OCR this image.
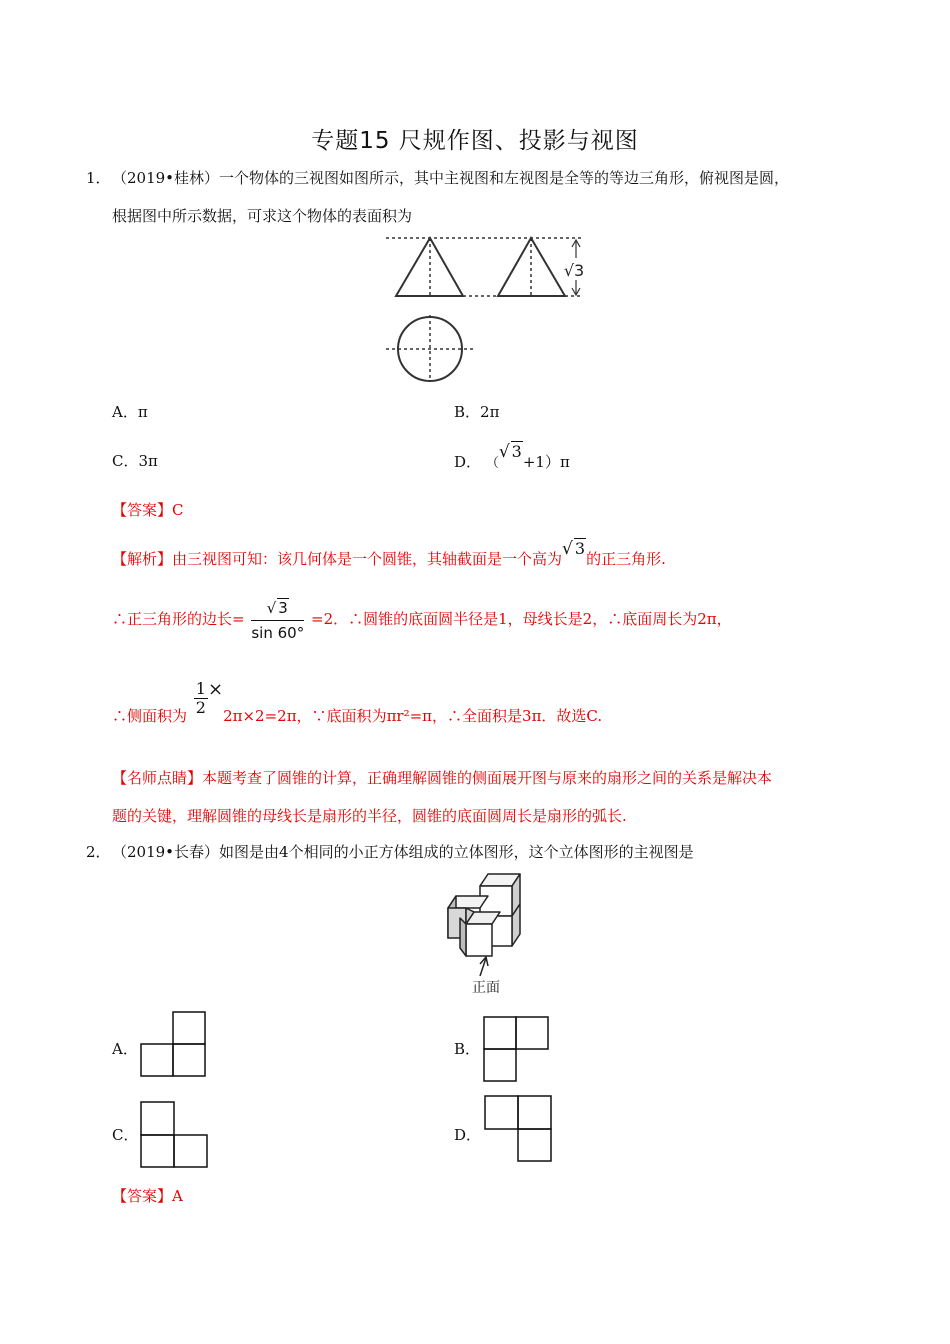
专题15 尺规作图、投影与视图
1． （2019•桂林）一个物体的三视图如图所示，其中主视图和左视图是全等的等边三角形，俯视图是圆，
根据图中所示数据，可求这个物体的表面积为
√3
A．π	B．2π
C．3π	D． （√ 3+1）π
【答案】C
【解析】由三视图可知：该几何体是一个圆锥，其轴截面是一个高为√ 3的正三角形.
∴正三角形的边长= $\frac{√ 3}{\sin 60^\circ} =2$．∴圆锥的底面圆半径是1，母线长是2，∴底面周长为2π，
∴侧面积为 $\frac{1}{2} \times 2\pi\times 2=2\pi$，∵底面积为πr²=π，∴全面积是3π．故选C.
【名师点睛】本题考查了圆锥的计算，正确理解圆锥的侧面展开图与原来的扇形之间的关系是解决本
题的关键，理解圆锥的母线长是扇形的半径，圆锥的底面圆周长是扇形的弧长.
2． （2019•长春）如图是由4个相同的小正方体组成的立体图形，这个立体图形的主视图是
正面
A．	B．
C．	D．
【答案】A
